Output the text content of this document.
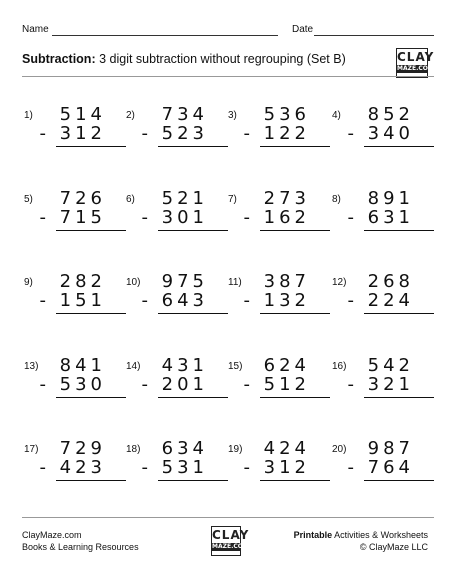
Name	Date
Subtraction: 3 digit subtraction without regrouping (Set B)	CLAY
MAZE.COM
1) 514
- 312
2) 734
- 523
3) 536
- 122
4) 852
- 340
5) 726
- 715
6) 521
- 301
7) 273
- 162
8) 891
- 631
9) 282
- 151
10) 975
- 643
11) 387
- 132
12) 268
- 224
13) 841
- 530
14) 431
- 201
15) 624
- 512
16) 542
- 321
17) 729
- 423
18) 634
- 531
19) 424
- 312
20) 987
- 764
ClayMaze.com
Books & Learning Resources
CLAY
MAZE.COM
Printable Activities & Worksheets
© ClayMaze LLC
